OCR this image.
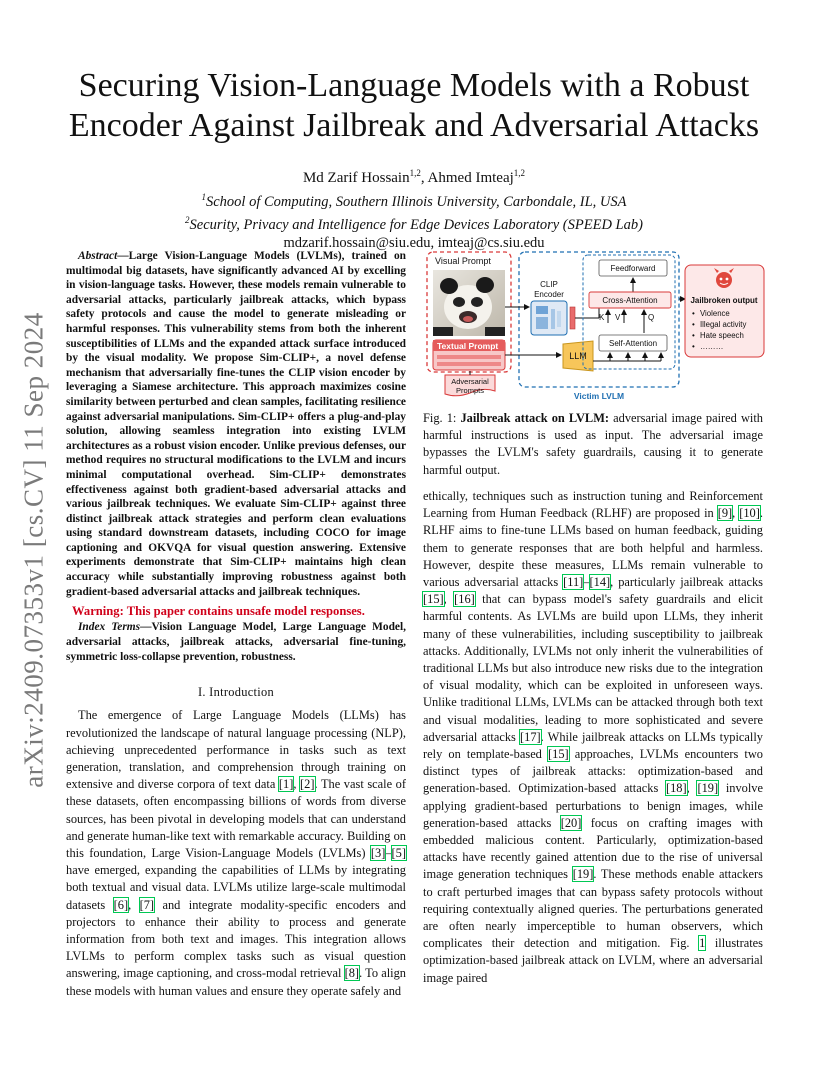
arXiv:2409.07353v1 [cs.CV] 11 Sep 2024
Securing Vision-Language Models with a Robust
Encoder Against Jailbreak and Adversarial Attacks
Md Zarif Hossain$^{1,2}$, Ahmed Imteaj$^{1,2}$
$^1$School of Computing, Southern Illinois University, Carbondale, IL, USA
$^2$Security, Privacy and Intelligence for Edge Devices Laboratory (SPEED Lab)
mdzarif.hossain@siu.edu, imteaj@cs.siu.edu

Abstract—Large Vision-Language Models (LVLMs), trained on multimodal big datasets, have significantly advanced AI by excelling in vision-language tasks. However, these models remain vulnerable to adversarial attacks, particularly jailbreak attacks, which bypass safety protocols and cause the model to generate misleading or harmful responses. This vulnerability stems from both the inherent susceptibilities of LLMs and the expanded attack surface introduced by the visual modality. We propose Sim-CLIP+, a novel defense mechanism that adversarially fine-tunes the CLIP vision encoder by leveraging a Siamese architecture. This approach maximizes cosine similarity between perturbed and clean samples, facilitating resilience against adversarial manipulations. Sim-CLIP+ offers a plug-and-play solution, allowing seamless integration into existing LVLM architectures as a robust vision encoder. Unlike previous defenses, our method requires no structural modifications to the LVLM and incurs minimal computational overhead. Sim-CLIP+ demonstrates effectiveness against both gradient-based adversarial attacks and various jailbreak techniques. We evaluate Sim-CLIP+ against three distinct jailbreak attack strategies and perform clean evaluations using standard downstream datasets, including COCO for image captioning and OKVQA for visual question answering. Extensive experiments demonstrate that Sim-CLIP+ maintains high clean accuracy while substantially improving robustness against both gradient-based adversarial attacks and jailbreak techniques.

Warning: This paper contains unsafe model responses.

Index Terms—Vision Language Model, Large Language Model, adversarial attacks, jailbreak attacks, adversarial fine-tuning, symmetric loss-collapse prevention, robustness.

I. Introduction

The emergence of Large Language Models (LLMs) has revolutionized the landscape of natural language processing (NLP), achieving unprecedented performance in tasks such as text generation, translation, and comprehension through training on extensive and diverse corpora of text data [1], [2]. The vast scale of these datasets, often encompassing billions of words from diverse sources, has been pivotal in developing models that can understand and generate human-like text with remarkable accuracy. Building on this foundation, Large Vision-Language Models (LVLMs) [3]–[5] have emerged, expanding the capabilities of LLMs by integrating both textual and visual data. LVLMs utilize large-scale multimodal datasets [6], [7] and integrate modality-specific encoders and projectors to enhance their ability to process and generate information from both text and images. This integration allows LVLMs to perform complex tasks such as visual question answering, image captioning, and cross-modal retrieval [8]. To align these models with human values and ensure they operate safely and

Visual Prompt
Textual Prompt
Adversarial
Prompts
Victim LVLM
CLIP
Encoder
LLM
Feedforward
Cross-Attention
K V	Q
Self-Attention
Jailbroken output
• Violence
• Illegal activity
• Hate speech
• ………
Fig. 1: Jailbreak attack on LVLM: adversarial image paired with harmful instructions is used as input. The adversarial image bypasses the LVLM's safety guardrails, causing it to generate harmful output.

ethically, techniques such as instruction tuning and Reinforcement Learning from Human Feedback (RLHF) are proposed in [9], [10]. RLHF aims to fine-tune LLMs based on human feedback, guiding them to generate responses that are both helpful and harmless. However, despite these measures, LLMs remain vulnerable to various adversarial attacks [11]–[14], particularly jailbreak attacks [15], [16] that can bypass model's safety guardrails and elicit harmful contents. As LVLMs are build upon LLMs, they inherit many of these vulnerabilities, including susceptibility to jailbreak attacks. Additionally, LVLMs not only inherit the vulnerabilities of traditional LLMs but also introduce new risks due to the integration of visual modality, which can be exploited in unforeseen ways. Unlike traditional LLMs, LVLMs can be attacked through both text and visual modalities, leading to more sophisticated and severe adversarial attacks [17]. While jailbreak attacks on LLMs typically rely on template-based [15] approaches, LVLMs encounters two distinct types of jailbreak attacks: optimization-based and generation-based. Optimization-based attacks [18], [19] involve applying gradient-based perturbations to benign images, while generation-based attacks [20] focus on crafting images with embedded malicious content. Particularly, optimization-based attacks have recently gained attention due to the rise of universal image generation techniques [19]. These methods enable attackers to craft perturbed images that can bypass safety protocols without requiring contextually aligned queries. The perturbations generated are often nearly imperceptible to human observers, which complicates their detection and mitigation. Fig. 1 illustrates optimization-based jailbreak attack on LVLM, where an adversarial image paired
